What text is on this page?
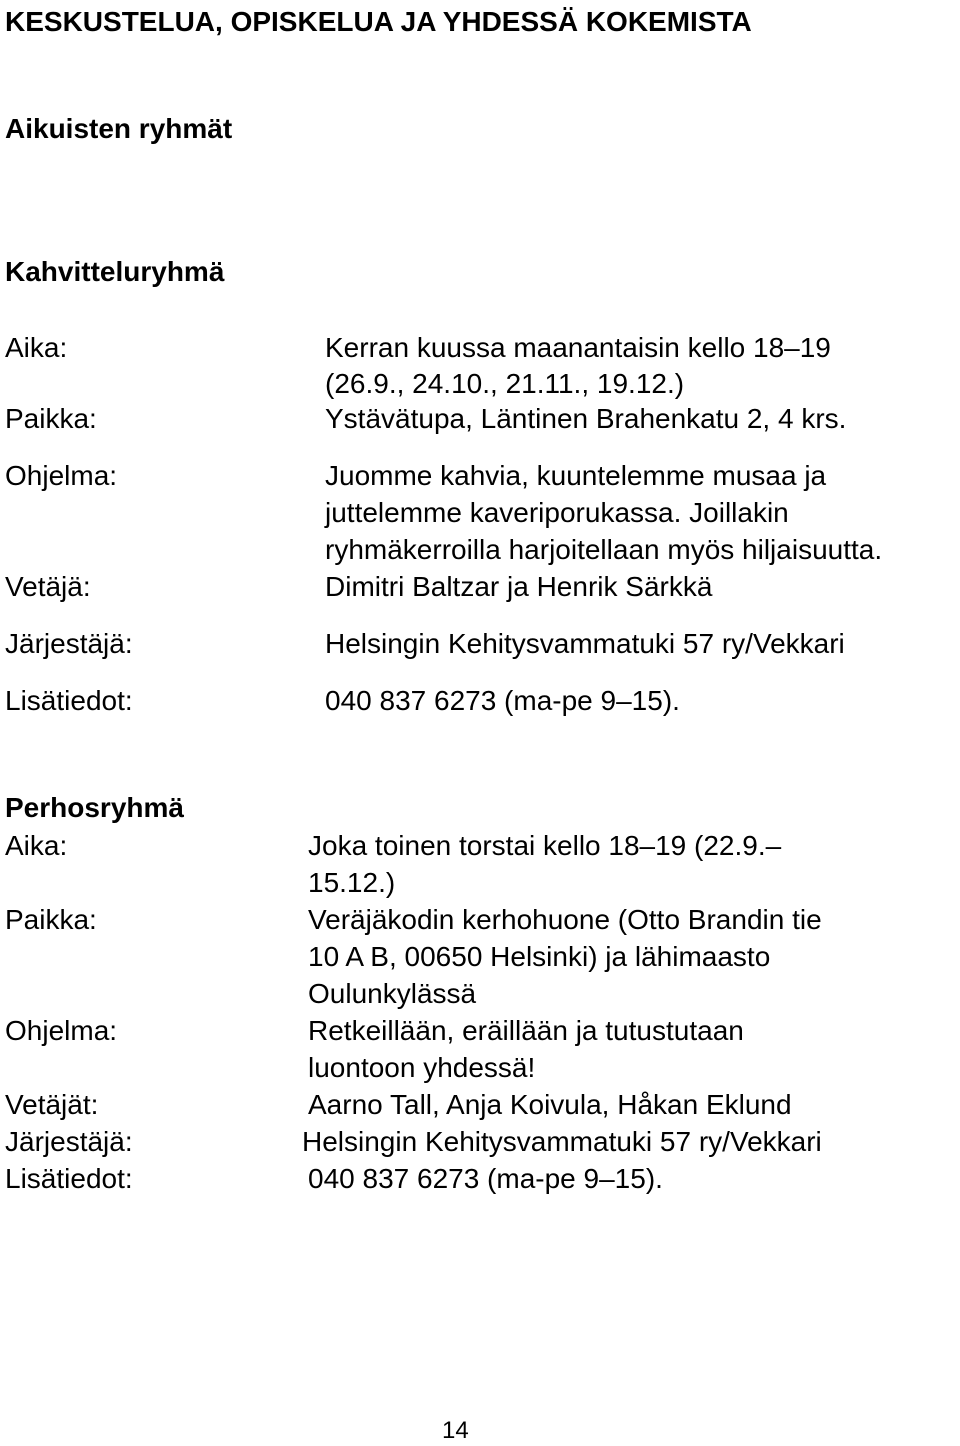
KESKUSTELUA, OPISKELUA JA YHDESSÄ KOKEMISTA
Aikuisten ryhmät
Kahvitteluryhmä
Aika:	Kerran kuussa maanantaisin kello 18–19
(26.9., 24.10., 21.11., 19.12.)
Paikka:	Ystävätupa, Läntinen Brahenkatu 2, 4 krs.
Ohjelma:	Juomme kahvia, kuuntelemme musaa ja
juttelemme kaveriporukassa. Joillakin
ryhmäkerroilla harjoitellaan myös hiljaisuutta.
Vetäjä:	Dimitri Baltzar ja Henrik Särkkä
Järjestäjä:	Helsingin Kehitysvammatuki 57 ry/Vekkari
Lisätiedot:	040 837 6273 (ma-pe 9–15).
Perhosryhmä
Aika:	Joka toinen torstai kello 18–19 (22.9.–
15.12.)
Paikka:	Veräjäkodin kerhohuone (Otto Brandin tie
10 A B, 00650 Helsinki) ja lähimaasto
Oulunkylässä
Ohjelma:	Retkeillään, eräillään ja tutustutaan
luontoon yhdessä!
Vetäjät:	Aarno Tall, Anja Koivula, Håkan Eklund
Järjestäjä:	Helsingin Kehitysvammatuki 57 ry/Vekkari
Lisätiedot:	040 837 6273 (ma-pe 9–15).
14
